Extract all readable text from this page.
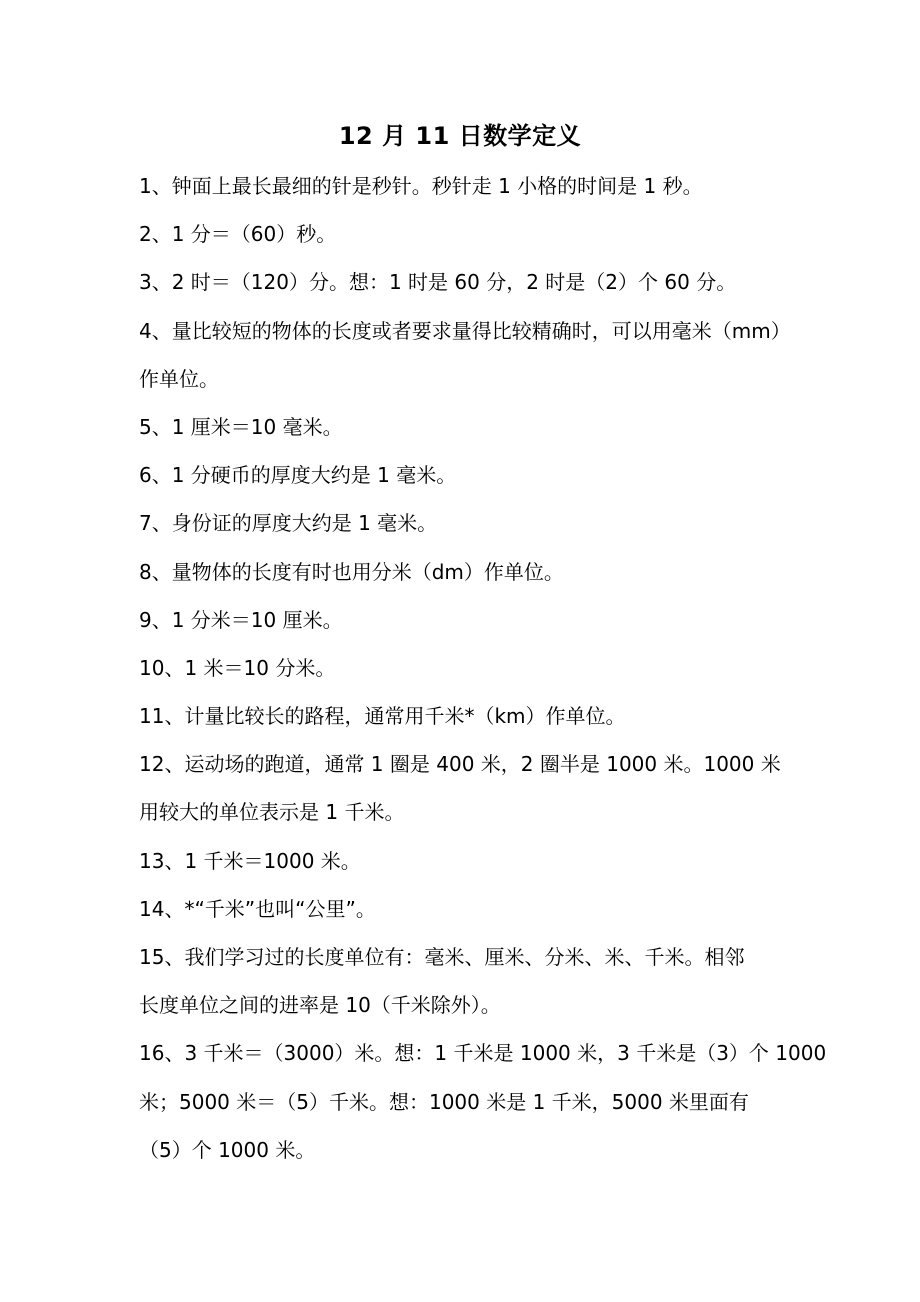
12 月 11 日数学定义
1、钟面上最长最细的针是秒针。秒针走 1 小格的时间是 1 秒。
2、1 分＝（60）秒。
3、2 时＝（120）分。想：1 时是 60 分，2 时是（2）个 60 分。
4、量比较短的物体的长度或者要求量得比较精确时，可以用毫米（mm）
作单位。
5、1 厘米＝10 毫米。
6、1 分硬币的厚度大约是 1 毫米。
7、身份证的厚度大约是 1 毫米。
8、量物体的长度有时也用分米（dm）作单位。
9、1 分米＝10 厘米。
10、1 米＝10 分米。
11、计量比较长的路程，通常用千米*（km）作单位。
12、运动场的跑道，通常 1 圈是 400 米，2 圈半是 1000 米。1000 米
用较大的单位表示是 1 千米。
13、1 千米＝1000 米。
14、*“千米”也叫“公里”。
15、我们学习过的长度单位有：毫米、厘米、分米、米、千米。相邻
长度单位之间的进率是 10（千米除外）。
16、3 千米＝（3000）米。想：1 千米是 1000 米，3 千米是（3）个 1000
米；5000 米＝（5）千米。想：1000 米是 1 千米，5000 米里面有
（5）个 1000 米。
